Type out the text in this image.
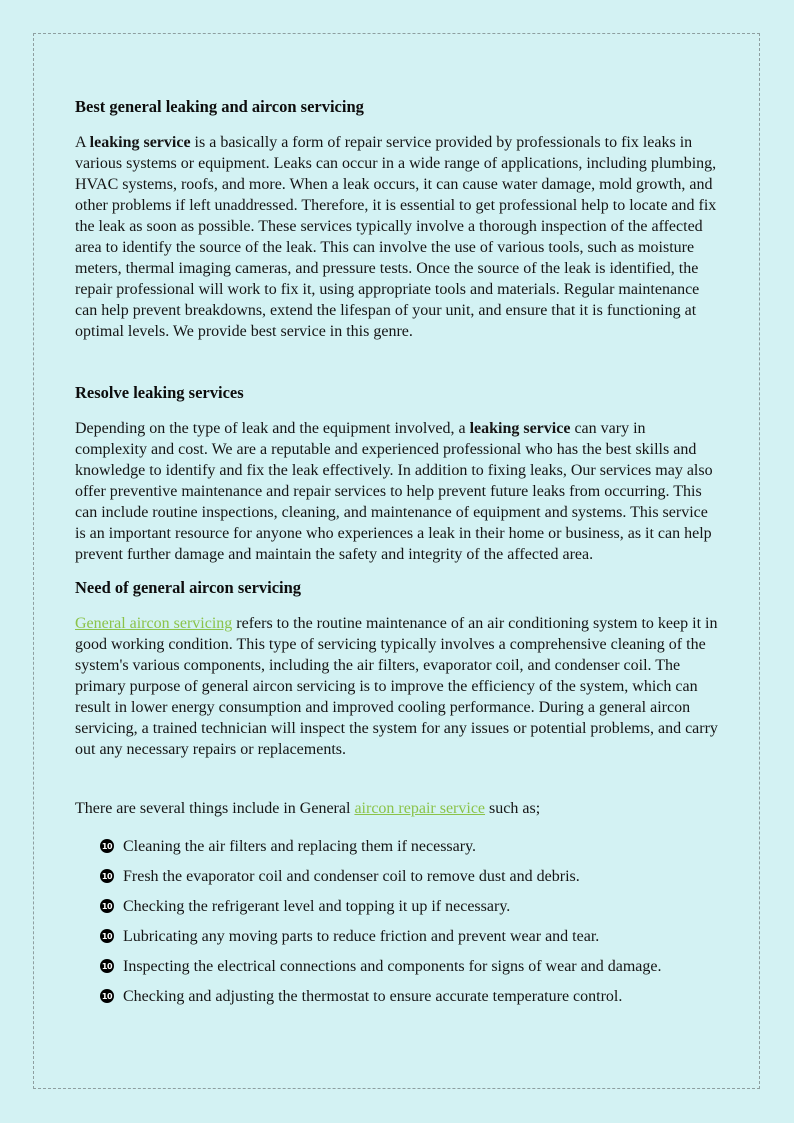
Best general leaking and aircon servicing

A leaking service is a basically a form of repair service provided by professionals to fix leaks in various systems or equipment. Leaks can occur in a wide range of applications, including plumbing, HVAC systems, roofs, and more. When a leak occurs, it can cause water damage, mold growth, and other problems if left unaddressed. Therefore, it is essential to get professional help to locate and fix the leak as soon as possible. These services typically involve a thorough inspection of the affected area to identify the source of the leak. This can involve the use of various tools, such as moisture meters, thermal imaging cameras, and pressure tests. Once the source of the leak is identified, the repair professional will work to fix it, using appropriate tools and materials. Regular maintenance can help prevent breakdowns, extend the lifespan of your unit, and ensure that it is functioning at optimal levels. We provide best service in this genre.

Resolve leaking services

Depending on the type of leak and the equipment involved, a leaking service can vary in complexity and cost. We are a reputable and experienced professional who has the best skills and knowledge to identify and fix the leak effectively. In addition to fixing leaks, Our services may also offer preventive maintenance and repair services to help prevent future leaks from occurring. This can include routine inspections, cleaning, and maintenance of equipment and systems. This service is an important resource for anyone who experiences a leak in their home or business, as it can help prevent further damage and maintain the safety and integrity of the affected area.

Need of general aircon servicing

General aircon servicing refers to the routine maintenance of an air conditioning system to keep it in good working condition. This type of servicing typically involves a comprehensive cleaning of the system's various components, including the air filters, evaporator coil, and condenser coil. The primary purpose of general aircon servicing is to improve the efficiency of the system, which can result in lower energy consumption and improved cooling performance. During a general aircon servicing, a trained technician will inspect the system for any issues or potential problems, and carry out any necessary repairs or replacements.

There are several things include in General aircon repair service such as;

10 Cleaning the air filters and replacing them if necessary.
10 Fresh the evaporator coil and condenser coil to remove dust and debris.
10 Checking the refrigerant level and topping it up if necessary.
10 Lubricating any moving parts to reduce friction and prevent wear and tear.
10 Inspecting the electrical connections and components for signs of wear and damage.
10 Checking and adjusting the thermostat to ensure accurate temperature control.
